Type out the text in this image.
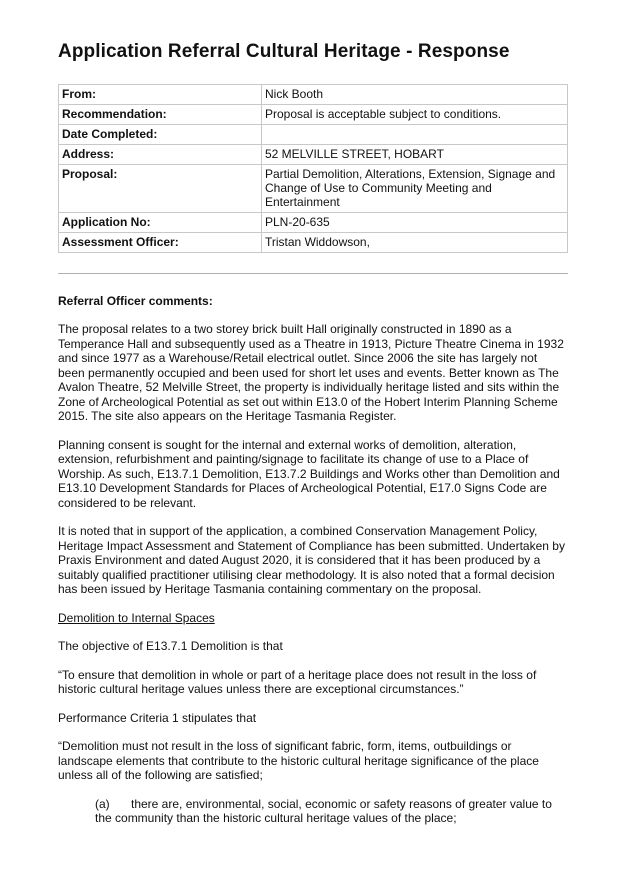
Application Referral Cultural Heritage - Response
From:	Nick Booth
Recommendation:	Proposal is acceptable subject to conditions.
Date Completed:	
Address:	52 MELVILLE STREET, HOBART
Proposal:	Partial Demolition, Alterations, Extension, Signage and Change of Use to Community Meeting and Entertainment
Application No:	PLN-20-635
Assessment Officer:	Tristan Widdowson,
Referral Officer comments:

The proposal relates to a two storey brick built Hall originally constructed in 1890 as a Temperance Hall and subsequently used as a Theatre in 1913, Picture Theatre Cinema in 1932 and since 1977 as a Warehouse/Retail electrical outlet. Since 2006 the site has largely not been permanently occupied and been used for short let uses and events. Better known as The Avalon Theatre, 52 Melville Street, the property is individually heritage listed and sits within the Zone of Archeological Potential as set out within E13.0 of the Hobert Interim Planning Scheme 2015. The site also appears on the Heritage Tasmania Register.

Planning consent is sought for the internal and external works of demolition, alteration, extension, refurbishment and painting/signage to facilitate its change of use to a Place of Worship. As such, E13.7.1 Demolition, E13.7.2 Buildings and Works other than Demolition and E13.10 Development Standards for Places of Archeological Potential, E17.0 Signs Code are considered to be relevant.

It is noted that in support of the application, a combined Conservation Management Policy, Heritage Impact Assessment and Statement of Compliance has been submitted. Undertaken by Praxis Environment and dated August 2020, it is considered that it has been produced by a suitably qualified practitioner utilising clear methodology. It is also noted that a formal decision has been issued by Heritage Tasmania containing commentary on the proposal.

Demolition to Internal Spaces

The objective of E13.7.1 Demolition is that

“To ensure that demolition in whole or part of a heritage place does not result in the loss of historic cultural heritage values unless there are exceptional circumstances.”

Performance Criteria 1 stipulates that

“Demolition must not result in the loss of significant fabric, form, items, outbuildings or landscape elements that contribute to the historic cultural heritage significance of the place unless all of the following are satisfied;

(a) there are, environmental, social, economic or safety reasons of greater value to the community than the historic cultural heritage values of the place;
